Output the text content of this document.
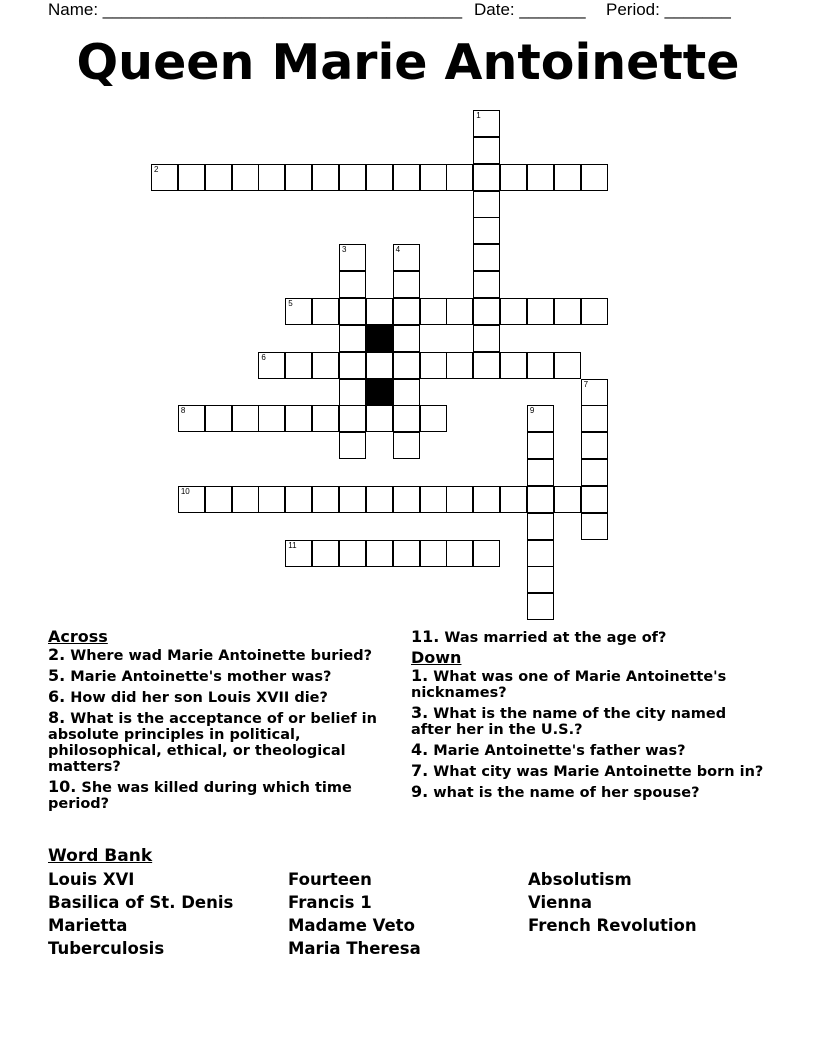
Name: ______________________________________

Date: _______

Period: _______

Queen Marie Antoinette
1
2
3	4
5
6
7
8	9
10
11
Across
2. Where wad Marie Antoinette buried?
5. Marie Antoinette's mother was?
6. How did her son Louis XVII die?
8. What is the acceptance of or belief in absolute principles in political, philosophical, ethical, or theological matters?
10. She was killed during which time period?
11. Was married at the age of?
Down
1. What was one of Marie Antoinette's nicknames?
3. What is the name of the city named after her in the U.S.?
4. Marie Antoinette's father was?
7. What city was Marie Antoinette born in?
9. what is the name of her spouse?
Word Bank
Louis XVI
Basilica of St. Denis
Marietta
Tuberculosis
Fourteen
Francis 1
Madame Veto
Maria Theresa
Absolutism
Vienna
French Revolution
